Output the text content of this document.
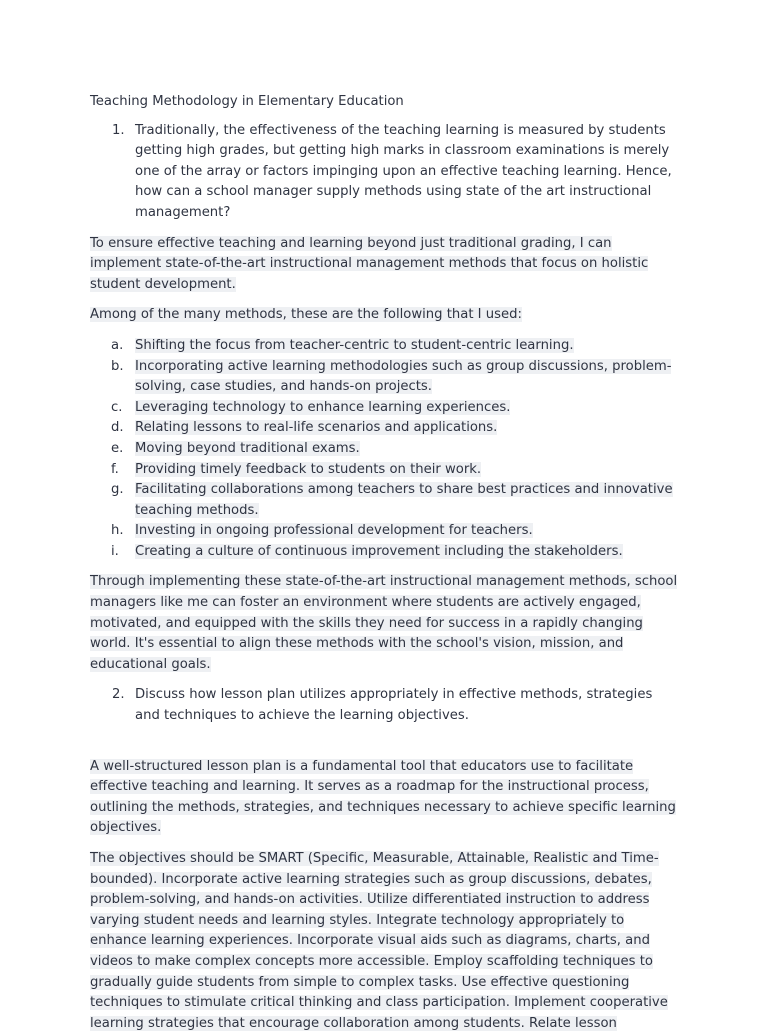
Teaching Methodology in Elementary Education

1. Traditionally, the effectiveness of the teaching learning is measured by students getting high grades, but getting high marks in classroom examinations is merely one of the array or factors impinging upon an effective teaching learning. Hence, how can a school manager supply methods using state of the art instructional management?

To ensure effective teaching and learning beyond just traditional grading, I can implement state-of-the-art instructional management methods that focus on holistic student development.

Among of the many methods, these are the following that I used:

a. Shifting the focus from teacher-centric to student-centric learning.
b. Incorporating active learning methodologies such as group discussions, problem-solving, case studies, and hands-on projects.
c. Leveraging technology to enhance learning experiences.
d. Relating lessons to real-life scenarios and applications.
e. Moving beyond traditional exams.
f.	Providing timely feedback to students on their work.
g. Facilitating collaborations among teachers to share best practices and innovative teaching methods.
h. Investing in ongoing professional development for teachers.
i.	Creating a culture of continuous improvement including the stakeholders.

Through implementing these state-of-the-art instructional management methods, school managers like me can foster an environment where students are actively engaged, motivated, and equipped with the skills they need for success in a rapidly changing world. It's essential to align these methods with the school's vision, mission, and educational goals.

2. Discuss how lesson plan utilizes appropriately in effective methods, strategies and techniques to achieve the learning objectives.

A well-structured lesson plan is a fundamental tool that educators use to facilitate effective teaching and learning. It serves as a roadmap for the instructional process, outlining the methods, strategies, and techniques necessary to achieve specific learning objectives.

The objectives should be SMART (Specific, Measurable, Attainable, Realistic and Time-bounded). Incorporate active learning strategies such as group discussions, debates, problem-solving, and hands-on activities. Utilize differentiated instruction to address varying student needs and learning styles. Integrate technology appropriately to enhance learning experiences. Incorporate visual aids such as diagrams, charts, and videos to make complex concepts more accessible. Employ scaffolding techniques to gradually guide students from simple to complex tasks. Use effective questioning techniques to stimulate critical thinking and class participation. Implement cooperative learning strategies that encourage collaboration among students. Relate lesson
